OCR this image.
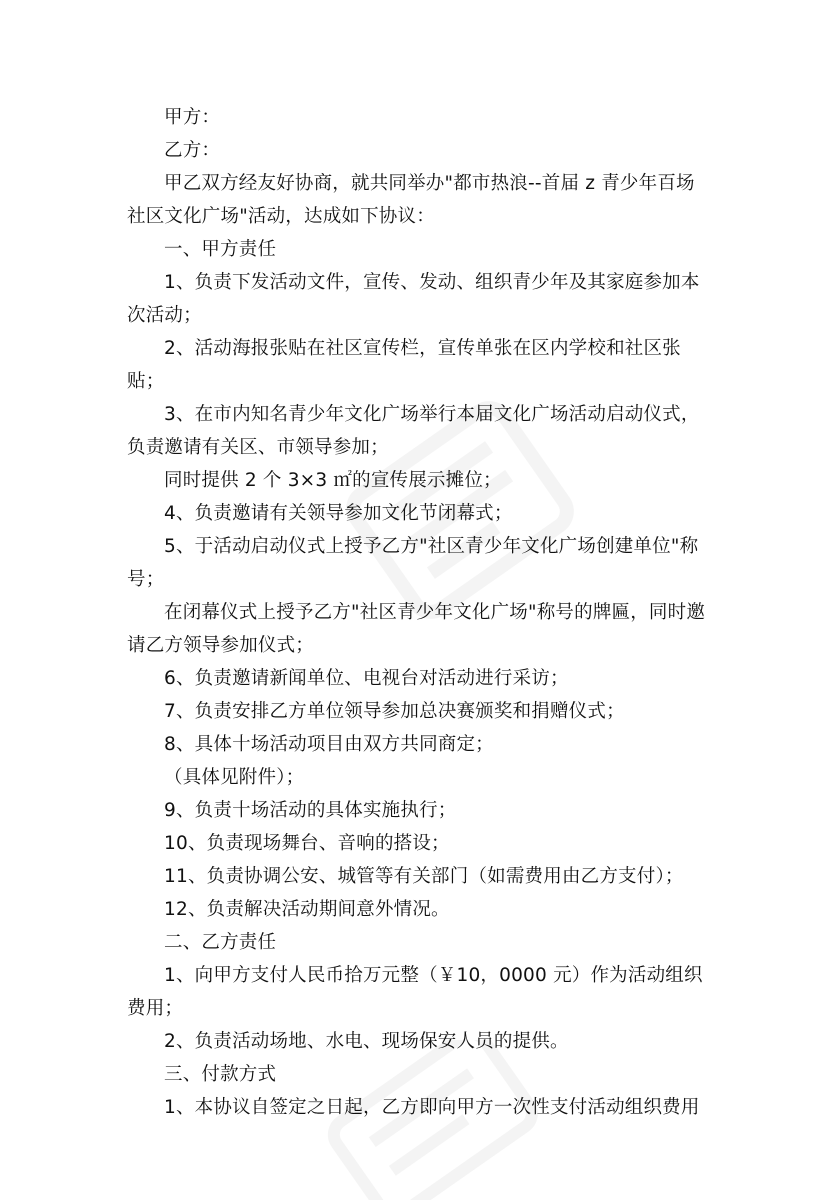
甲方：

乙方：

甲乙双方经友好协商，就共同举办"都市热浪--首届 z 青少年百场社区文化广场"活动，达成如下协议：

一、甲方责任

1、负责下发活动文件，宣传、发动、组织青少年及其家庭参加本次活动；

2、活动海报张贴在社区宣传栏，宣传单张在区内学校和社区张贴；

3、在市内知名青少年文化广场举行本届文化广场活动启动仪式，负责邀请有关区、市领导参加；

同时提供 2 个 3×3 ㎡的宣传展示摊位；

4、负责邀请有关领导参加文化节闭幕式；

5、于活动启动仪式上授予乙方"社区青少年文化广场创建单位"称号；

在闭幕仪式上授予乙方"社区青少年文化广场"称号的牌匾，同时邀请乙方领导参加仪式；

6、负责邀请新闻单位、电视台对活动进行采访；

7、负责安排乙方单位领导参加总决赛颁奖和捐赠仪式；

8、具体十场活动项目由双方共同商定；

（具体见附件）；

9、负责十场活动的具体实施执行；

10、负责现场舞台、音响的搭设；

11、负责协调公安、城管等有关部门（如需费用由乙方支付）；

12、负责解决活动期间意外情况。

二、乙方责任

1、向甲方支付人民币拾万元整（￥10，0000 元）作为活动组织费用；

2、负责活动场地、水电、现场保安人员的提供。

三、付款方式

1、本协议自签定之日起，乙方即向甲方一次性支付活动组织费用
